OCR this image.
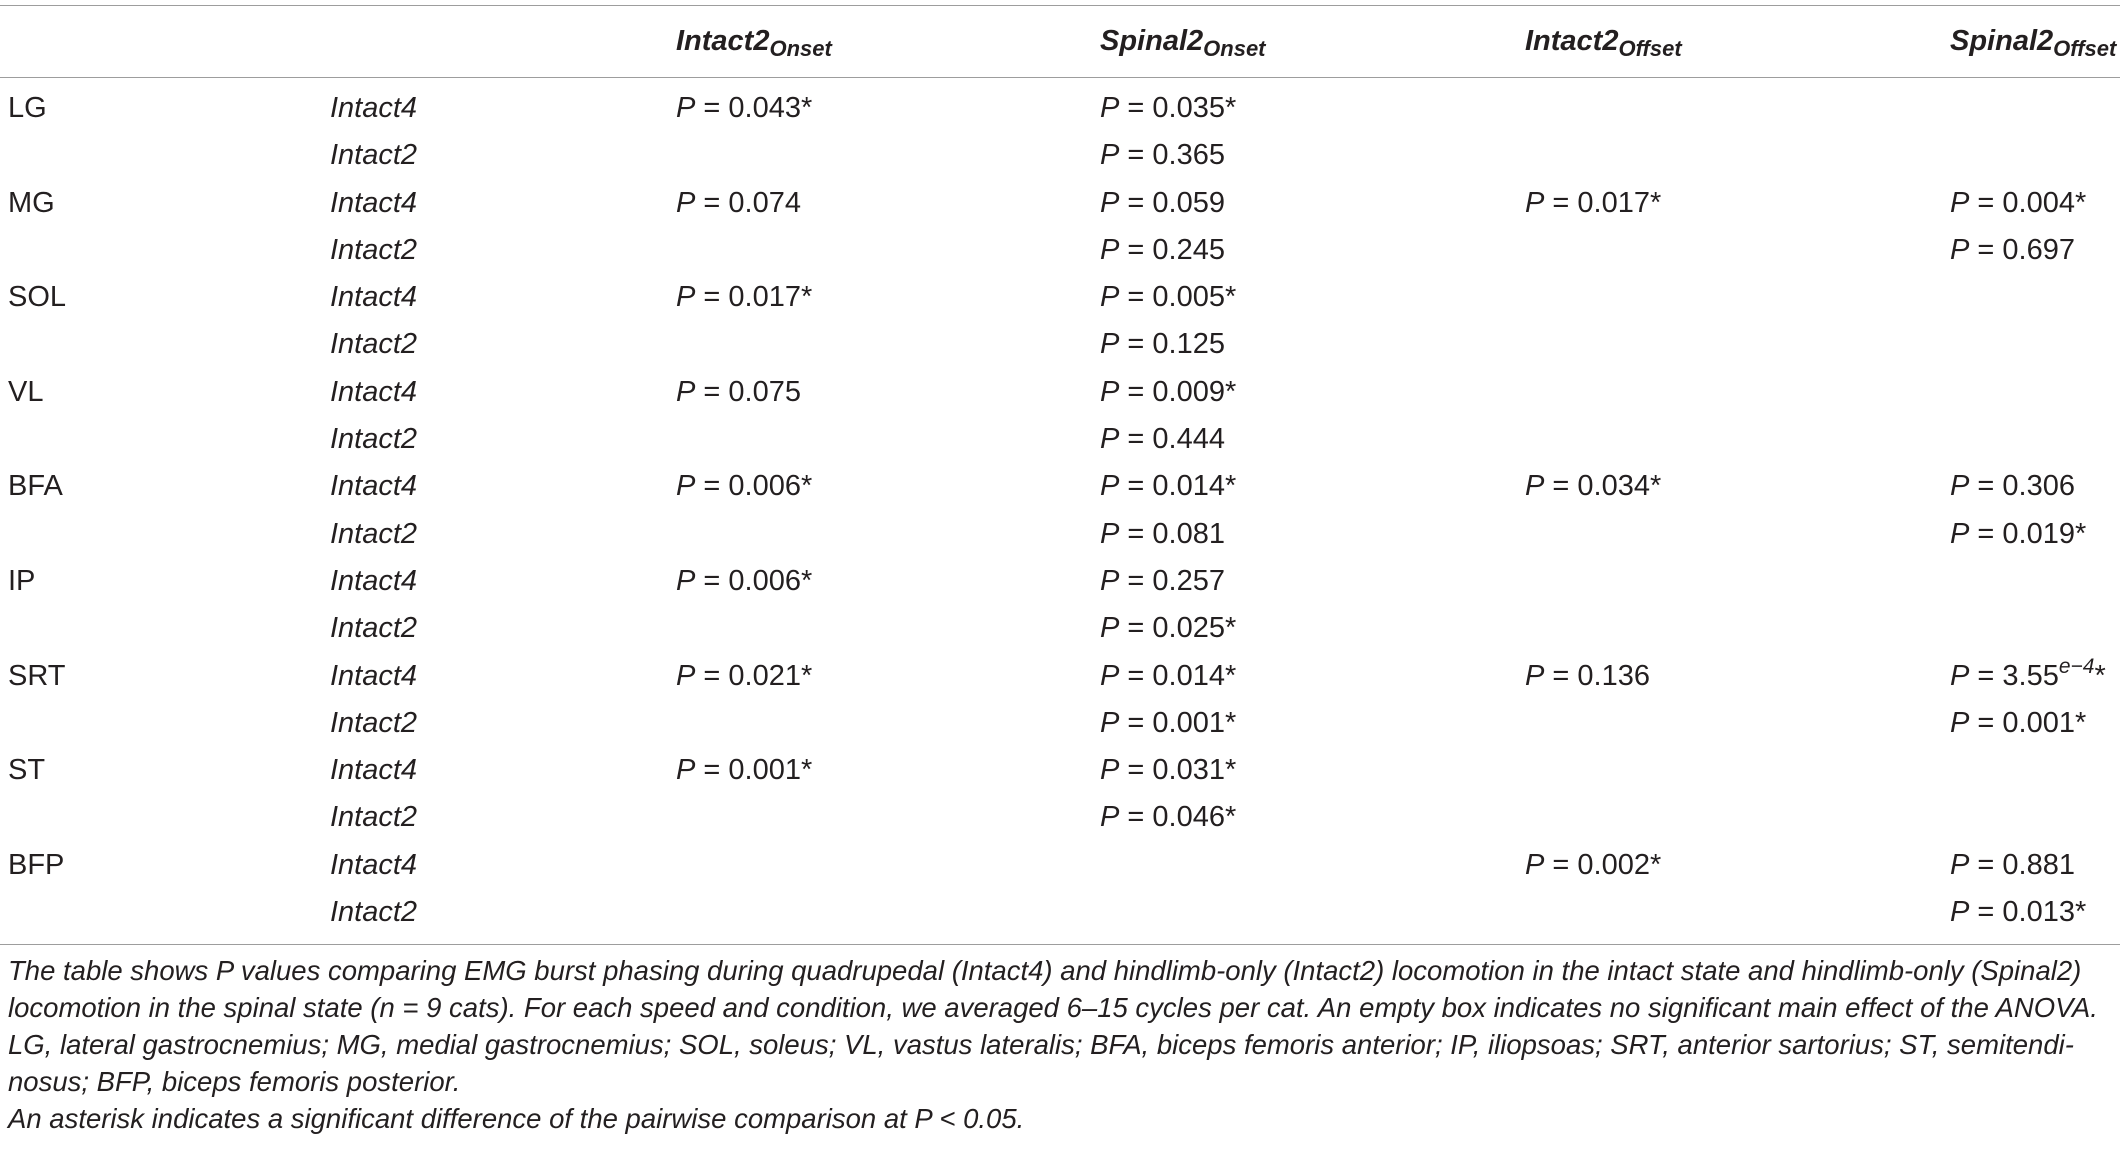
		$Intact2_{Onset}$	$Spinal2_{Onset}$	$Intact2_{Offset}$	$Spinal2_{Offset}$
LG	Intact4	P = 0.043*	P = 0.035*		
	Intact2		P = 0.365		
MG	Intact4	P = 0.074	P = 0.059	P = 0.017*	P = 0.004*
	Intact2		P = 0.245		P = 0.697
SOL	Intact4	P = 0.017*	P = 0.005*		
	Intact2		P = 0.125		
VL	Intact4	P = 0.075	P = 0.009*		
	Intact2		P = 0.444		
BFA	Intact4	P = 0.006*	P = 0.014*	P = 0.034*	P = 0.306
	Intact2		P = 0.081		P = 0.019*
IP	Intact4	P = 0.006*	P = 0.257		
	Intact2		P = 0.025*		
SRT	Intact4	P = 0.021*	P = 0.014*	P = 0.136	$P = 3.55^{e-4}*$
	Intact2		P = 0.001*		P = 0.001*
ST	Intact4	P = 0.001*	P = 0.031*		
	Intact2		P = 0.046*		
BFP	Intact4			P = 0.002*	P = 0.881
	Intact2				P = 0.013*

The table shows P values comparing EMG burst phasing during quadrupedal (Intact4) and hindlimb-only (Intact2) locomotion in the intact state and hindlimb-only (Spinal2) locomotion in the spinal state (n = 9 cats). For each speed and condition, we averaged 6–15 cycles per cat. An empty box indicates no significant main effect of the ANOVA. LG, lateral gastrocnemius; MG, medial gastrocnemius; SOL, soleus; VL, vastus lateralis; BFA, biceps femoris anterior; IP, iliopsoas; SRT, anterior sartorius; ST, semitendi-nosus; BFP, biceps femoris posterior.

An asterisk indicates a significant difference of the pairwise comparison at P < 0.05.
